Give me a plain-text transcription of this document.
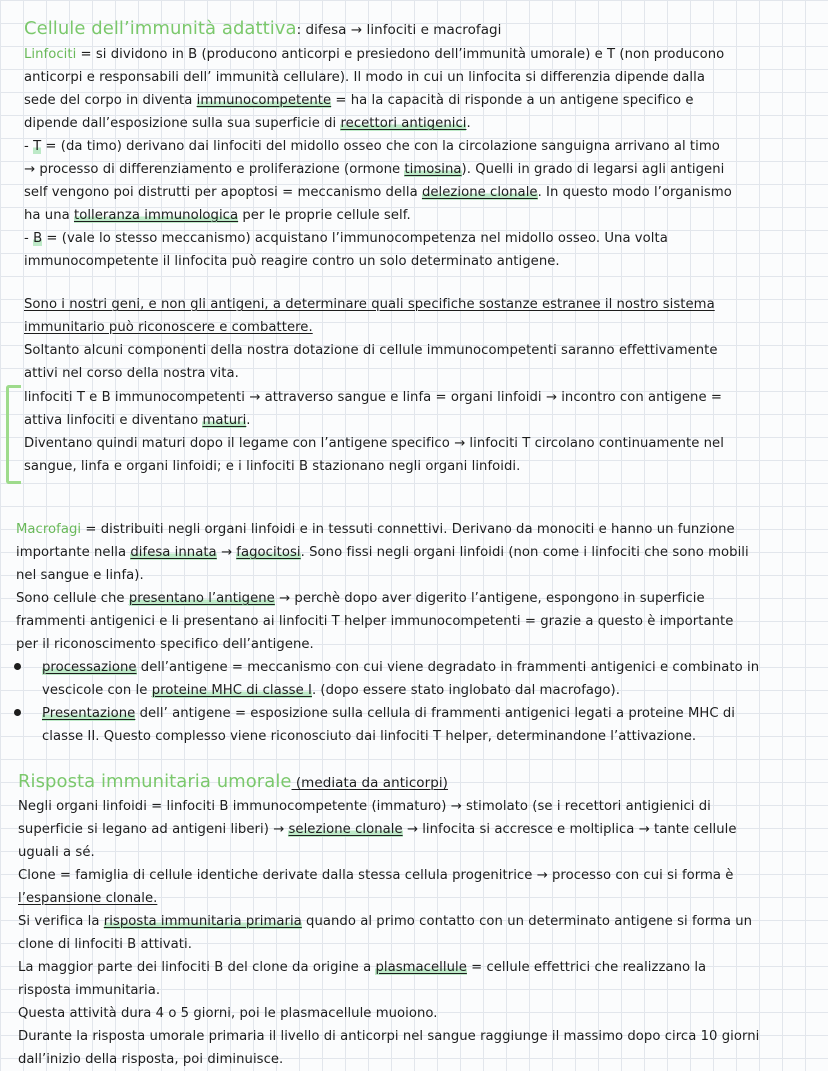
Cellule dell’immunità adattiva: difesa → linfociti e macrofagi
Linfociti = si dividono in B (producono anticorpi e presiedono dell’immunità umorale) e T (non producono
anticorpi e responsabili dell’ immunità cellulare). Il modo in cui un linfocita si differenzia dipende dalla
sede del corpo in diventa immunocompetente = ha la capacità di risponde a un antigene specifico e
dipende dall’esposizione sulla sua superficie di recettori antigenici.
- T = (da timo) derivano dai linfociti del midollo osseo che con la circolazione sanguigna arrivano al timo
→ processo di differenziamento e proliferazione (ormone timosina). Quelli in grado di legarsi agli antigeni
self vengono poi distrutti per apoptosi = meccanismo della delezione clonale. In questo modo l’organismo
ha una tolleranza immunologica per le proprie cellule self.
- B = (vale lo stesso meccanismo) acquistano l’immunocompetenza nel midollo osseo. Una volta
immunocompetente il linfocita può reagire contro un solo determinato antigene.
Sono i nostri geni, e non gli antigeni, a determinare quali specifiche sostanze estranee il nostro sistema
immunitario può riconoscere e combattere.
Soltanto alcuni componenti della nostra dotazione di cellule immunocompetenti saranno effettivamente
attivi nel corso della nostra vita.
linfociti T e B immunocompetenti → attraverso sangue e linfa = organi linfoidi → incontro con antigene =
attiva linfociti e diventano maturi.
Diventano quindi maturi dopo il legame con l’antigene specifico → linfociti T circolano continuamente nel
sangue, linfa e organi linfoidi; e i linfociti B stazionano negli organi linfoidi.
Macrofagi = distribuiti negli organi linfoidi e in tessuti connettivi. Derivano da monociti e hanno un funzione
importante nella difesa innata → fagocitosi. Sono fissi negli organi linfoidi (non come i linfociti che sono mobili
nel sangue e linfa).
Sono cellule che presentano l’antigene → perchè dopo aver digerito l’antigene, espongono in superficie
frammenti antigenici e li presentano ai linfociti T helper immunocompetenti = grazie a questo è importante
per il riconoscimento specifico dell’antigene.
processazione dell’antigene = meccanismo con cui viene degradato in frammenti antigenici e combinato in
vescicole con le proteine MHC di classe I. (dopo essere stato inglobato dal macrofago).
Presentazione dell’ antigene = esposizione sulla cellula di frammenti antigenici legati a proteine MHC di
classe II. Questo complesso viene riconosciuto dai linfociti T helper, determinandone l’attivazione.
Risposta immunitaria umorale (mediata da anticorpi)
Negli organi linfoidi = linfociti B immunocompetente (immaturo) → stimolato (se i recettori antigienici di
superficie si legano ad antigeni liberi) → selezione clonale → linfocita si accresce e moltiplica → tante cellule
uguali a sé.
Clone = famiglia di cellule identiche derivate dalla stessa cellula progenitrice → processo con cui si forma è
l’espansione clonale.
Si verifica la risposta immunitaria primaria quando al primo contatto con un determinato antigene si forma un
clone di linfociti B attivati.
La maggior parte dei linfociti B del clone da origine a plasmacellule = cellule effettrici che realizzano la
risposta immunitaria.
Questa attività dura 4 o 5 giorni, poi le plasmacellule muoiono.
Durante la risposta umorale primaria il livello di anticorpi nel sangue raggiunge il massimo dopo circa 10 giorni
dall’inizio della risposta, poi diminuisce.
